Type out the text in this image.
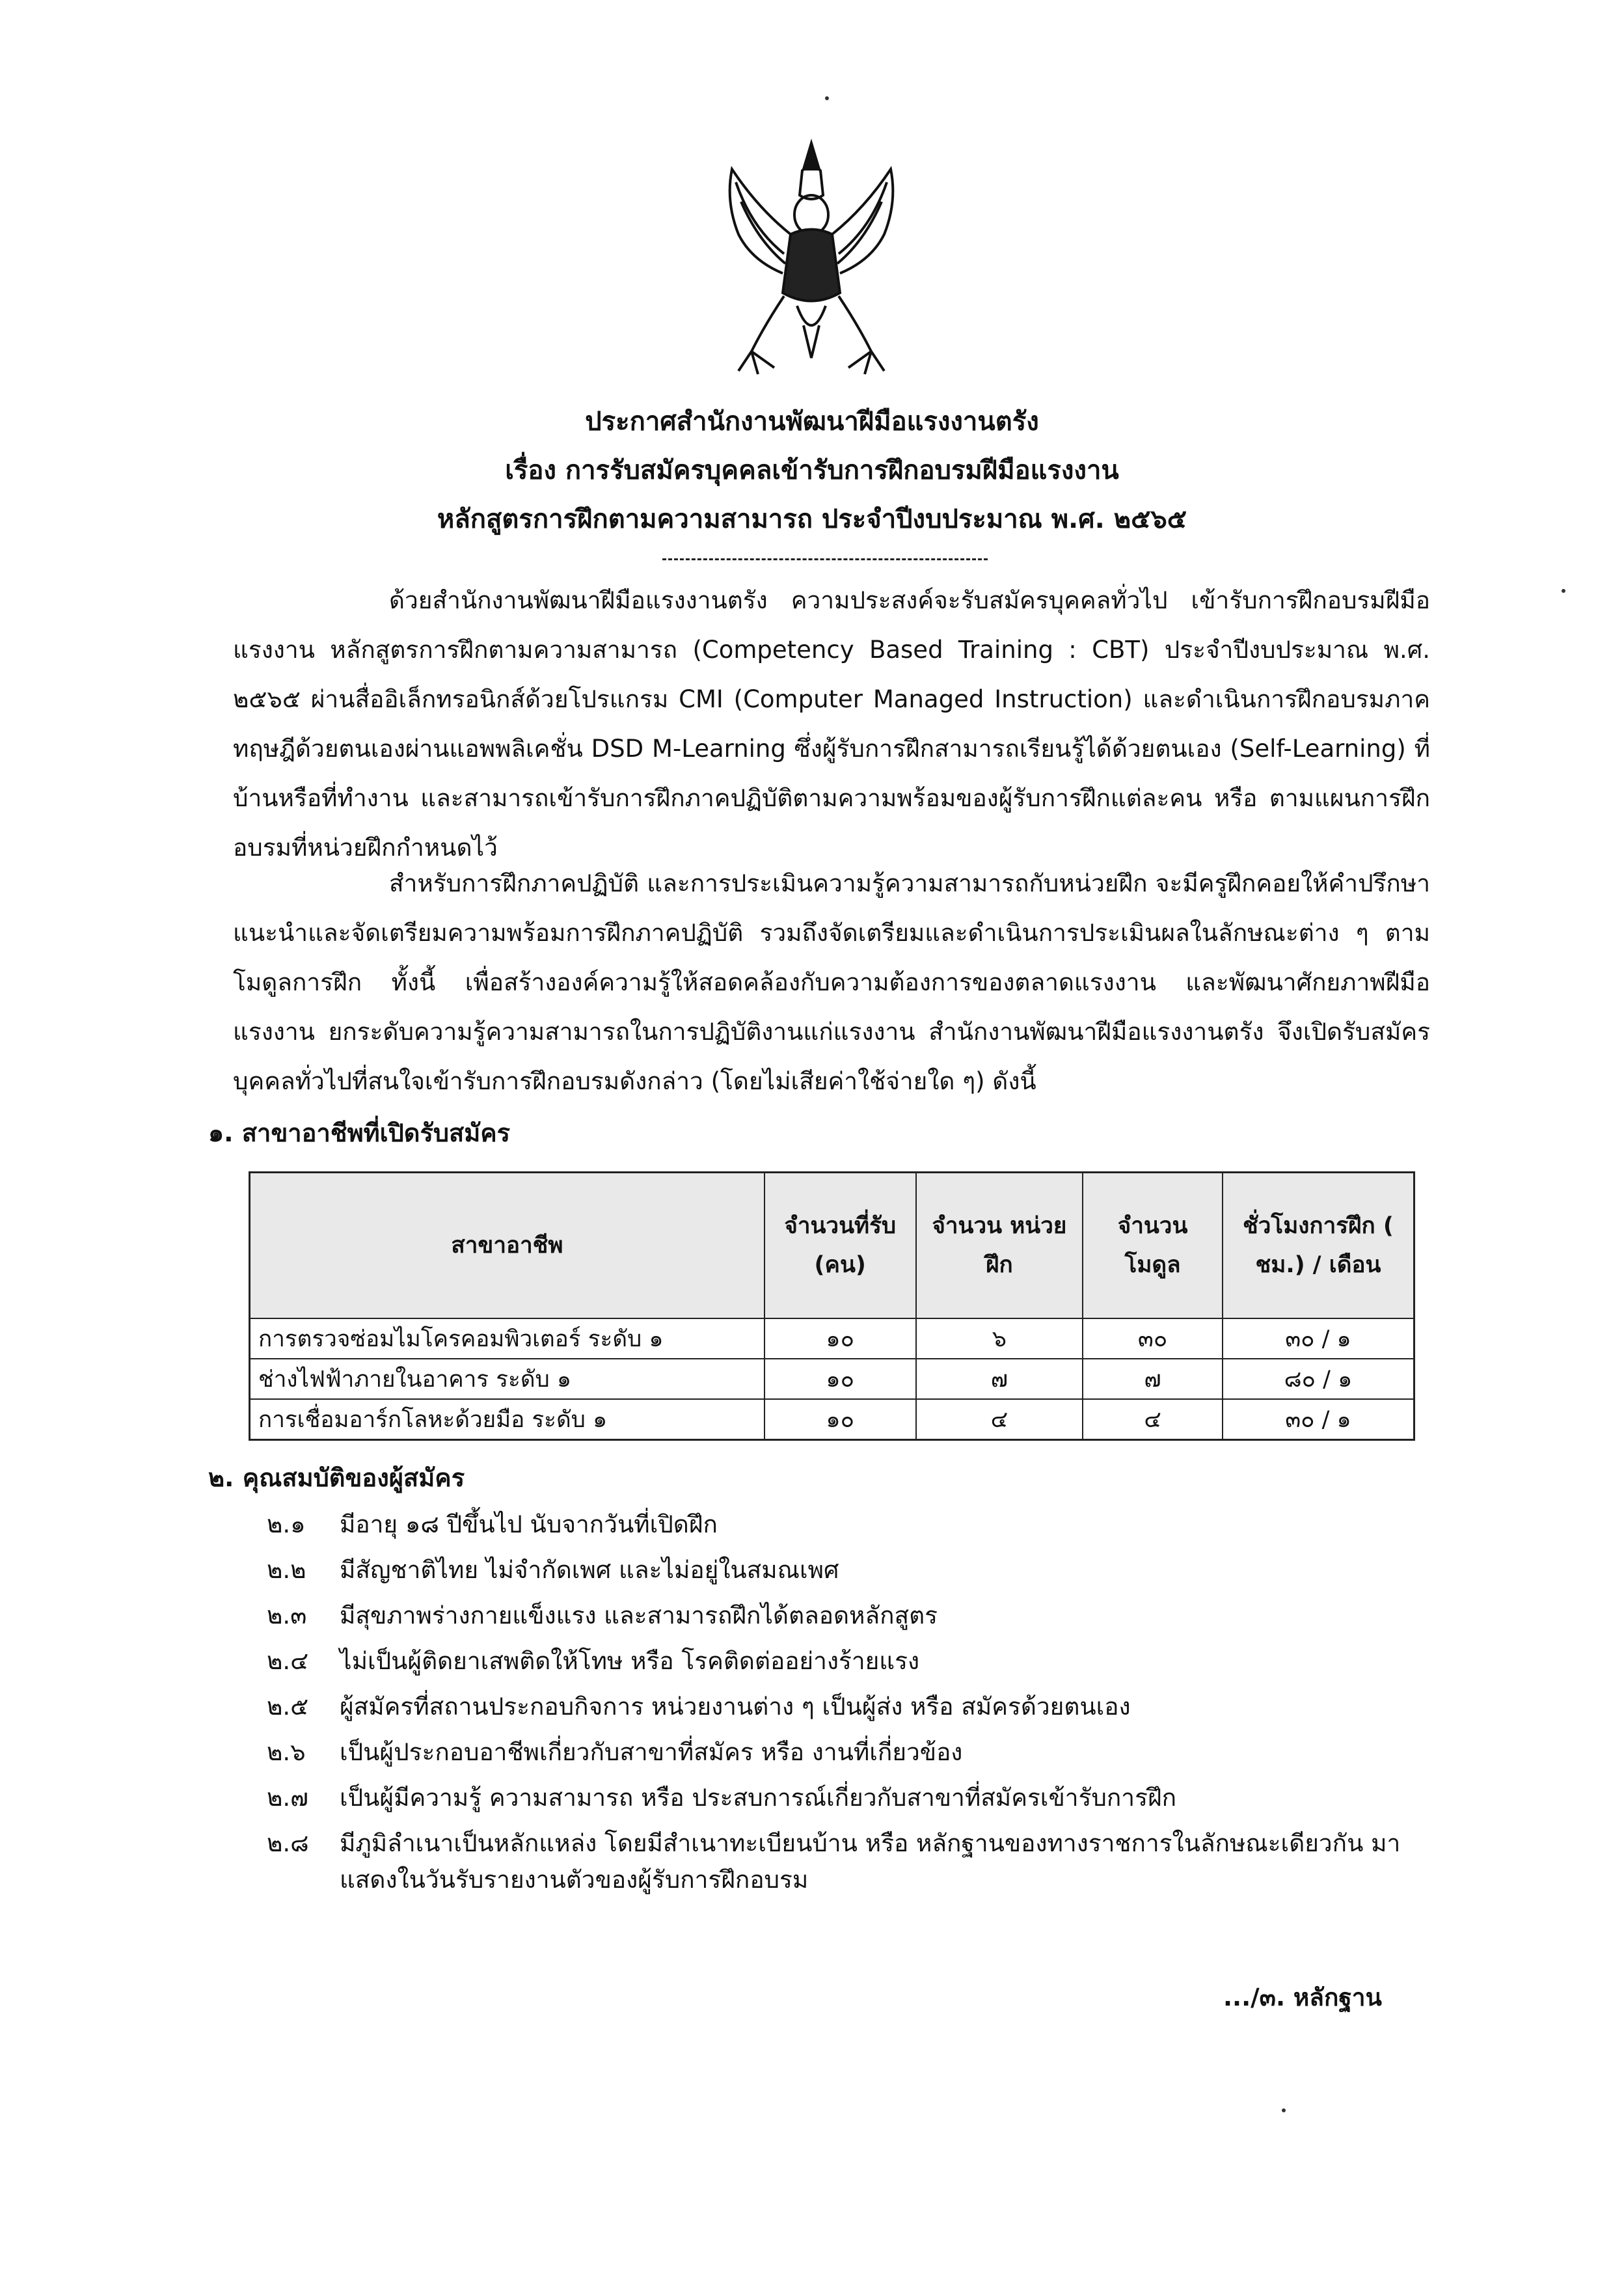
ประกาศสำนักงานพัฒนาฝีมือแรงงานตรัง
เรื่อง การรับสมัครบุคคลเข้ารับการฝึกอบรมฝีมือแรงงาน
หลักสูตรการฝึกตามความสามารถ ประจำปีงบประมาณ พ.ศ. ๒๕๖๕
ด้วยสำนักงานพัฒนาฝีมือแรงงานตรัง ความประสงค์จะรับสมัครบุคคลทั่วไป เข้ารับการฝึกอบรมฝีมือแรงงาน หลักสูตรการฝึกตามความสามารถ (Competency Based Training : CBT) ประจำปีงบประมาณ พ.ศ. ๒๕๖๕ ผ่านสื่ออิเล็กทรอนิกส์ด้วยโปรแกรม CMI (Computer Managed Instruction) และดำเนินการฝึกอบรมภาคทฤษฎีด้วยตนเองผ่านแอพพลิเคชั่น DSD M-Learning ซึ่งผู้รับการฝึกสามารถเรียนรู้ได้ด้วยตนเอง (Self-Learning) ที่บ้านหรือที่ทำงาน และสามารถเข้ารับการฝึกภาคปฏิบัติตามความพร้อมของผู้รับการฝึกแต่ละคน หรือ ตามแผนการฝึกอบรมที่หน่วยฝึกกำหนดไว้
สำหรับการฝึกภาคปฏิบัติ และการประเมินความรู้ความสามารถกับหน่วยฝึก จะมีครูฝึกคอยให้คำปรึกษา แนะนำและจัดเตรียมความพร้อมการฝึกภาคปฏิบัติ รวมถึงจัดเตรียมและดำเนินการประเมินผลในลักษณะต่าง ๆ ตามโมดูลการฝึก ทั้งนี้ เพื่อสร้างองค์ความรู้ให้สอดคล้องกับความต้องการของตลาดแรงงาน และพัฒนาศักยภาพฝีมือแรงงาน ยกระดับความรู้ความสามารถในการปฏิบัติงานแก่แรงงาน สำนักงานพัฒนาฝีมือแรงงานตรัง จึงเปิดรับสมัครบุคคลทั่วไปที่สนใจเข้ารับการฝึกอบรมดังกล่าว (โดยไม่เสียค่าใช้จ่ายใด ๆ) ดังนี้
๑. สาขาอาชีพที่เปิดรับสมัคร
สาขาอาชีพ	จำนวนที่รับ (คน)	จำนวน หน่วยฝึก	จำนวน โมดูล	ชั่วโมงการฝึก ( ชม.) / เดือน
การตรวจซ่อมไมโครคอมพิวเตอร์ ระดับ ๑	๑๐	๖	๓๐	๓๐ / ๑
ช่างไฟฟ้าภายในอาคาร ระดับ ๑	๑๐	๗	๗	๘๐ / ๑
การเชื่อมอาร์กโลหะด้วยมือ ระดับ ๑	๑๐	๔	๔	๓๐ / ๑
๒. คุณสมบัติของผู้สมัคร
๒.๑	มีอายุ ๑๘ ปีขึ้นไป นับจากวันที่เปิดฝึก
๒.๒	มีสัญชาติไทย ไม่จำกัดเพศ และไม่อยู่ในสมณเพศ
๒.๓	มีสุขภาพร่างกายแข็งแรง และสามารถฝึกได้ตลอดหลักสูตร
๒.๔	ไม่เป็นผู้ติดยาเสพติดให้โทษ หรือ โรคติดต่ออย่างร้ายแรง
๒.๕	ผู้สมัครที่สถานประกอบกิจการ หน่วยงานต่าง ๆ เป็นผู้ส่ง หรือ สมัครด้วยตนเอง
๒.๖	เป็นผู้ประกอบอาชีพเกี่ยวกับสาขาที่สมัคร หรือ งานที่เกี่ยวข้อง
๒.๗	เป็นผู้มีความรู้ ความสามารถ หรือ ประสบการณ์เกี่ยวกับสาขาที่สมัครเข้ารับการฝึก
๒.๘	มีภูมิลำเนาเป็นหลักแหล่ง โดยมีสำเนาทะเบียนบ้าน หรือ หลักฐานของทางราชการในลักษณะเดียวกัน มาแสดงในวันรับรายงานตัวของผู้รับการฝึกอบรม
.../๓. หลักฐาน
